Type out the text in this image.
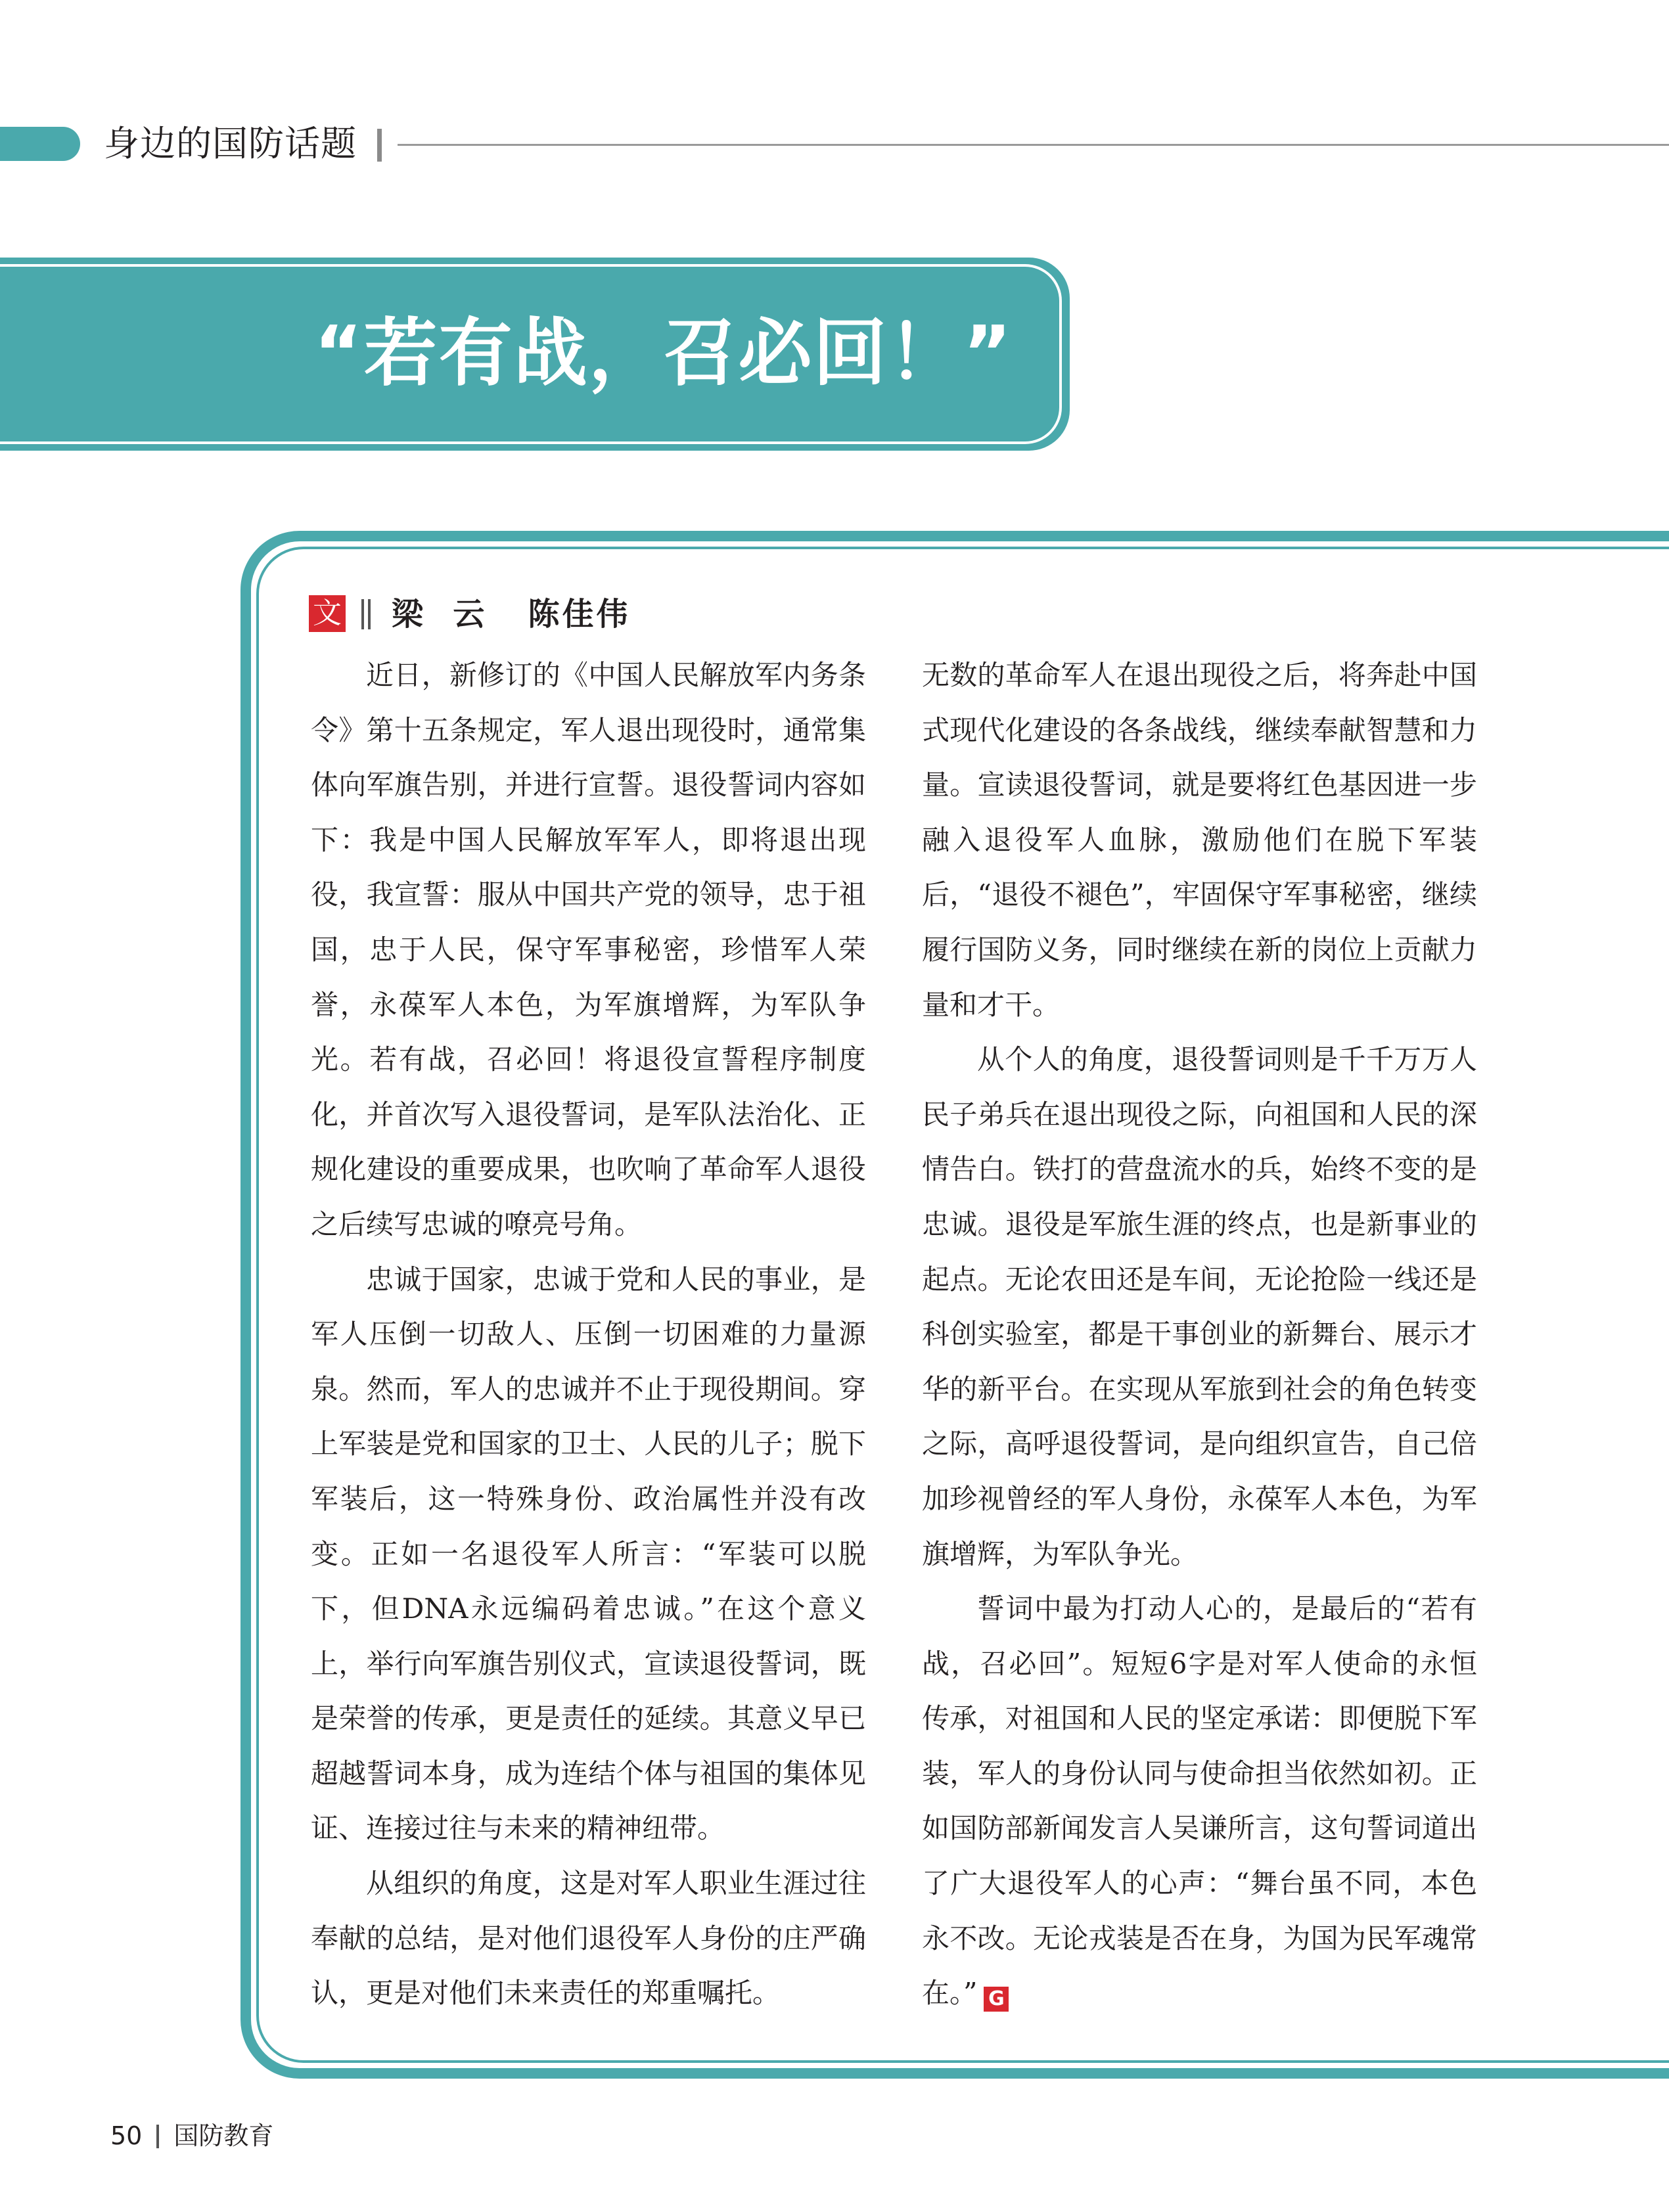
身边的国防话题
“若有战，召必回！”
文 梁  云   陈佳伟

近日，新修订的《中国人民解放军内务条令》第十五条规定，军人退出现役时，通常集体向军旗告别，并进行宣誓。退役誓词内容如下：我是中国人民解放军军人，即将退出现役，我宣誓：服从中国共产党的领导，忠于祖国，忠于人民，保守军事秘密，珍惜军人荣誉，永葆军人本色，为军旗增辉，为军队争光。若有战，召必回！将退役宣誓程序制度化，并首次写入退役誓词，是军队法治化、正规化建设的重要成果，也吹响了革命军人退役之后续写忠诚的嘹亮号角。

忠诚于国家，忠诚于党和人民的事业，是军人压倒一切敌人、压倒一切困难的力量源泉。然而，军人的忠诚并不止于现役期间。穿上军装是党和国家的卫士、人民的儿子；脱下军装后，这一特殊身份、政治属性并没有改变。正如一名退役军人所言：“军装可以脱下，但DNA永远编码着忠诚。”在这个意义上，举行向军旗告别仪式，宣读退役誓词，既是荣誉的传承，更是责任的延续。其意义早已超越誓词本身，成为连结个体与祖国的集体见证、连接过往与未来的精神纽带。

从组织的角度，这是对军人职业生涯过往奉献的总结，是对他们退役军人身份的庄严确认，更是对他们未来责任的郑重嘱托。

无数的革命军人在退出现役之后，将奔赴中国式现代化建设的各条战线，继续奉献智慧和力量。宣读退役誓词，就是要将红色基因进一步融入退役军人血脉，激励他们在脱下军装后，“退役不褪色”，牢固保守军事秘密，继续履行国防义务，同时继续在新的岗位上贡献力量和才干。

从个人的角度，退役誓词则是千千万万人民子弟兵在退出现役之际，向祖国和人民的深情告白。铁打的营盘流水的兵，始终不变的是忠诚。退役是军旅生涯的终点，也是新事业的起点。无论农田还是车间，无论抢险一线还是科创实验室，都是干事创业的新舞台、展示才华的新平台。在实现从军旅到社会的角色转变之际，高呼退役誓词，是向组织宣告，自己倍加珍视曾经的军人身份，永葆军人本色，为军旗增辉，为军队争光。

誓词中最为打动人心的，是最后的“若有战，召必回”。短短6字是对军人使命的永恒传承，对祖国和人民的坚定承诺：即便脱下军装，军人的身份认同与使命担当依然如初。正如国防部新闻发言人吴谦所言，这句誓词道出了广大退役军人的心声：“舞台虽不同，本色永不改。无论戎装是否在身，为国为民军魂常在。” G

50 国防教育
